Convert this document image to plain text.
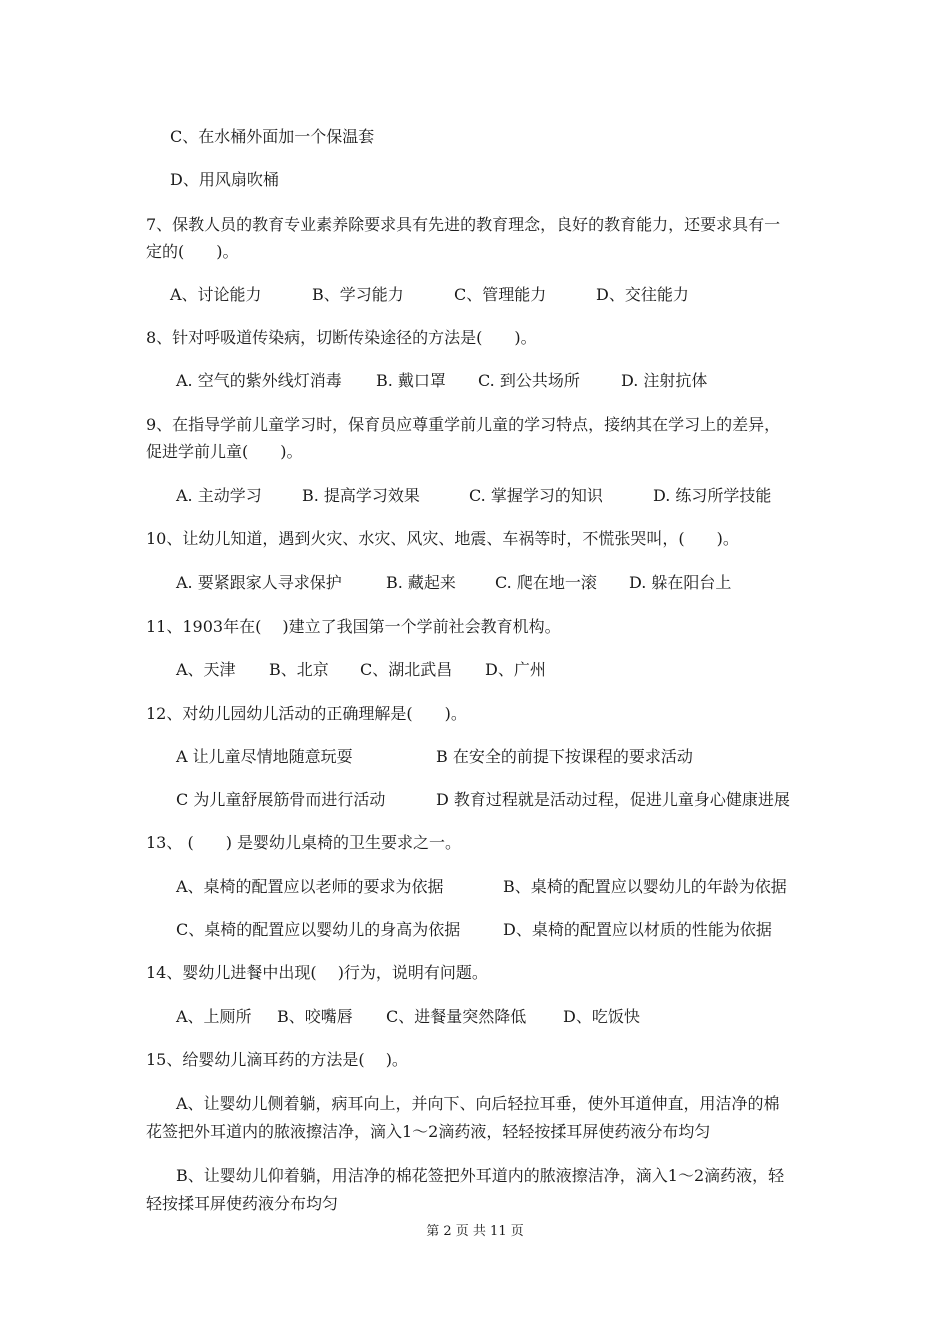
C、在水桶外面加一个保温套
D、用风扇吹桶
7、保教人员的教育专业素养除要求具有先进的教育理念，良好的教育能力，还要求具有一
定的(　　)。
A、讨论能力	B、学习能力	C、管理能力	D、交往能力
8、针对呼吸道传染病，切断传染途径的方法是(　　)。
A. 空气的紫外线灯消毒 B. 戴口罩 C. 到公共场所	D. 注射抗体
9、在指导学前儿童学习时，保育员应尊重学前儿童的学习特点，接纳其在学习上的差异，
促进学前儿童(　　)。
A. 主动学习	B. 提高学习效果	C. 掌握学习的知识	D. 练习所学技能
10、让幼儿知道，遇到火灾、水灾、风灾、地震、车祸等时，不慌张哭叫，(　　)。
A. 要紧跟家人寻求保护	B. 藏起来 C. 爬在地一滚 D. 躲在阳台上
11、1903年在(　 )建立了我国第一个学前社会教育机构。
A、天津 B、北京 C、湖北武昌 D、广州
12、对幼儿园幼儿活动的正确理解是(　　)。
A 让儿童尽情地随意玩耍	B 在安全的前提下按课程的要求活动
C 为儿童舒展筋骨而进行活动	D 教育过程就是活动过程，促进儿童身心健康进展
13、 (　　) 是婴幼儿桌椅的卫生要求之一。
A、桌椅的配置应以老师的要求为依据	B、桌椅的配置应以婴幼儿的年龄为依据
C、桌椅的配置应以婴幼儿的身高为依据	D、桌椅的配置应以材质的性能为依据
14、婴幼儿进餐中出现(　 )行为，说明有问题。
A、上厕所 B、咬嘴唇 C、进餐量突然降低 D、吃饭快
15、给婴幼儿滴耳药的方法是(　 )。
A、让婴幼儿侧着躺，病耳向上，并向下、向后轻拉耳垂，使外耳道伸直，用洁净的棉
花签把外耳道内的脓液擦洁净，滴入1～2滴药液，轻轻按揉耳屏使药液分布均匀
B、让婴幼儿仰着躺，用洁净的棉花签把外耳道内的脓液擦洁净，滴入1～2滴药液，轻
轻按揉耳屏使药液分布均匀
第 2 页 共 11 页
